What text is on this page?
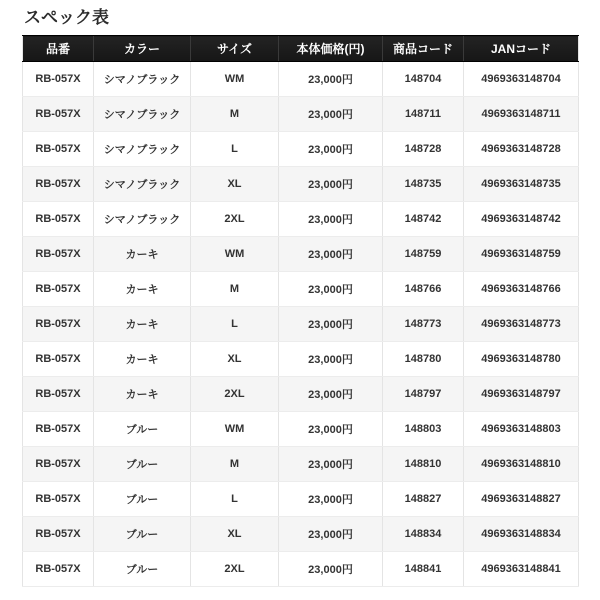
スペック表
品番	カラー	サイズ	本体価格(円)	商品コード	JANコード
RB-057X	シマノブラック	WM	23,000円	148704	4969363148704
RB-057X	シマノブラック	M	23,000円	148711	4969363148711
RB-057X	シマノブラック	L	23,000円	148728	4969363148728
RB-057X	シマノブラック	XL	23,000円	148735	4969363148735
RB-057X	シマノブラック	2XL	23,000円	148742	4969363148742
RB-057X	カーキ	WM	23,000円	148759	4969363148759
RB-057X	カーキ	M	23,000円	148766	4969363148766
RB-057X	カーキ	L	23,000円	148773	4969363148773
RB-057X	カーキ	XL	23,000円	148780	4969363148780
RB-057X	カーキ	2XL	23,000円	148797	4969363148797
RB-057X	ブルー	WM	23,000円	148803	4969363148803
RB-057X	ブルー	M	23,000円	148810	4969363148810
RB-057X	ブルー	L	23,000円	148827	4969363148827
RB-057X	ブルー	XL	23,000円	148834	4969363148834
RB-057X	ブルー	2XL	23,000円	148841	4969363148841
